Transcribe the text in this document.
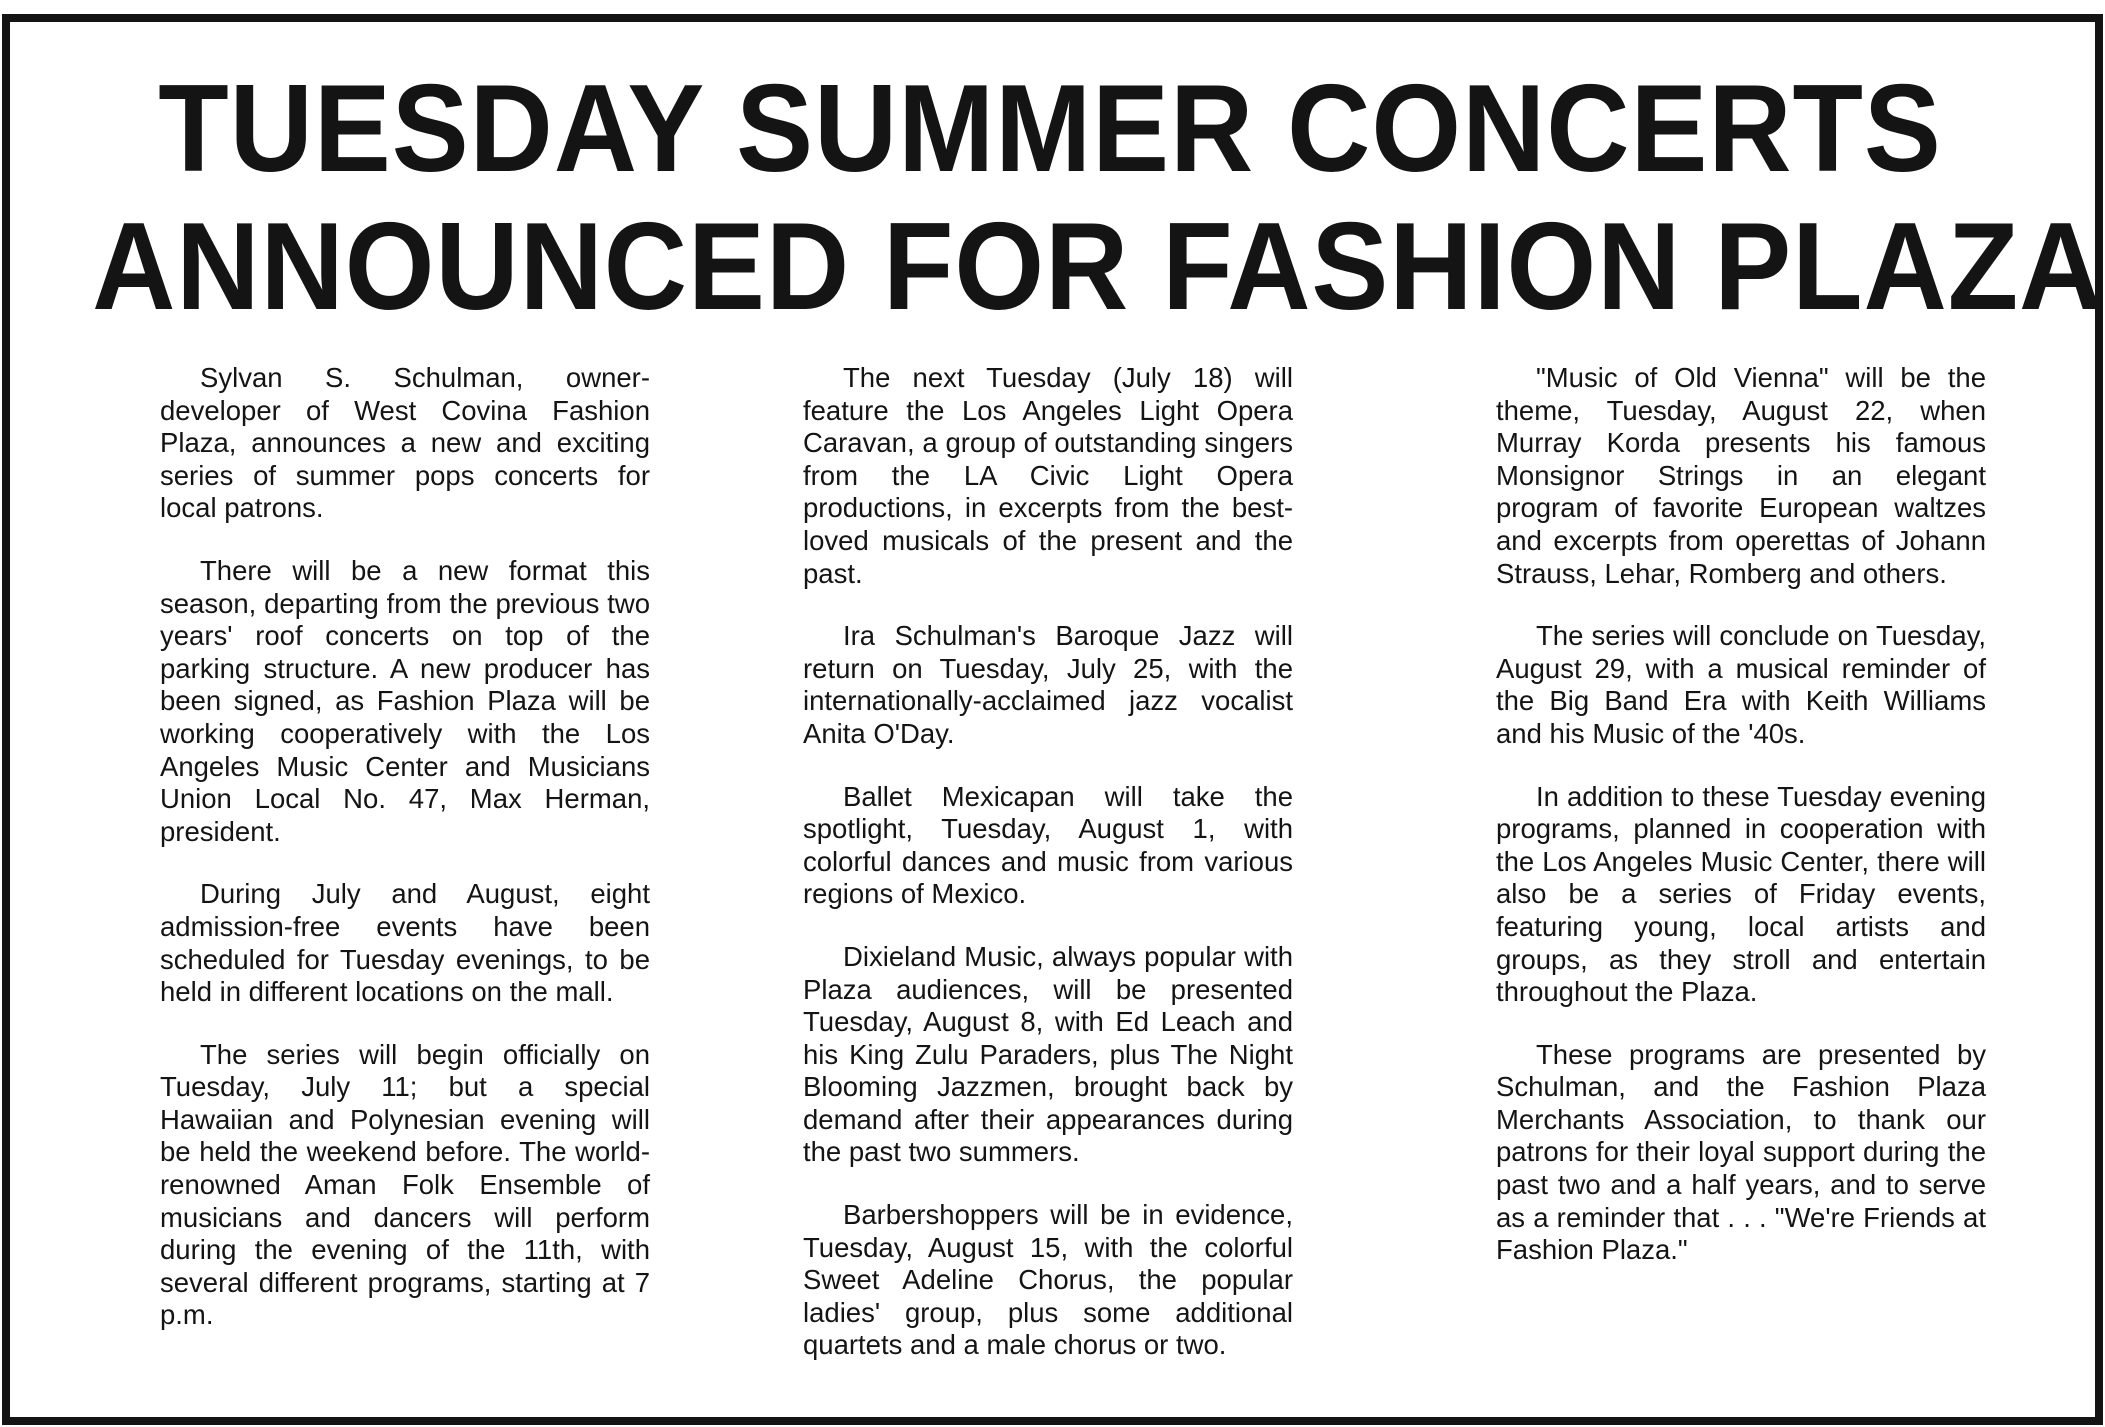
TUESDAY SUMMER CONCERTS
ANNOUNCED FOR FASHION PLAZA

Sylvan S. Schulman, owner-developer of West Covina Fashion Plaza, announces a new and exciting series of summer pops concerts for local patrons.

There will be a new format this season, departing from the previous two years' roof concerts on top of the parking structure. A new producer has been signed, as Fashion Plaza will be working cooperatively with the Los Angeles Music Center and Musicians Union Local No. 47, Max Herman, president.

During July and August, eight admission-free events have been scheduled for Tuesday evenings, to be held in different locations on the mall.

The series will begin officially on Tuesday, July 11; but a special Hawaiian and Polynesian evening will be held the weekend before. The world-renowned Aman Folk Ensemble of musicians and dancers will perform during the evening of the 11th, with several different programs, starting at 7 p.m.

The next Tuesday (July 18) will feature the Los Angeles Light Opera Caravan, a group of outstanding singers from the LA Civic Light Opera productions, in excerpts from the best-loved musicals of the present and the past.

Ira Schulman's Baroque Jazz will return on Tuesday, July 25, with the internationally-acclaimed jazz vocalist Anita O'Day.

Ballet Mexicapan will take the spotlight, Tuesday, August 1, with colorful dances and music from various regions of Mexico.

Dixieland Music, always popular with Plaza audiences, will be presented Tuesday, August 8, with Ed Leach and his King Zulu Paraders, plus The Night Blooming Jazzmen, brought back by demand after their appearances during the past two summers.

Barbershoppers will be in evidence, Tuesday, August 15, with the colorful Sweet Adeline Chorus, the popular ladies' group, plus some additional quartets and a male chorus or two.

"Music of Old Vienna" will be the theme, Tuesday, August 22, when Murray Korda presents his famous Monsignor Strings in an elegant program of favorite European waltzes and excerpts from operettas of Johann Strauss, Lehar, Romberg and others.

The series will conclude on Tuesday, August 29, with a musical reminder of the Big Band Era with Keith Williams and his Music of the '40s.

In addition to these Tuesday evening programs, planned in cooperation with the Los Angeles Music Center, there will also be a series of Friday events, featuring young, local artists and groups, as they stroll and entertain throughout the Plaza.

These programs are presented by Schulman, and the Fashion Plaza Merchants Association, to thank our patrons for their loyal support during the past two and a half years, and to serve as a reminder that . . . "We're Friends at Fashion Plaza."
